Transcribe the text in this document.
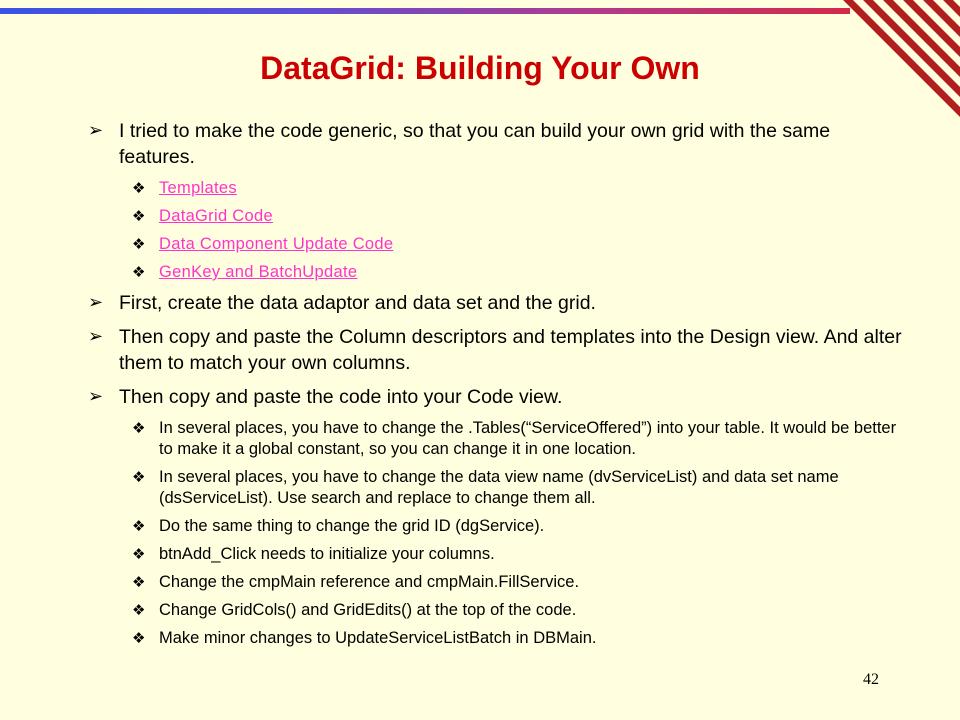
DataGrid: Building Your Own
➢ I tried to make the code generic, so that you can build your own grid with the same features.
❖ Templates
❖ DataGrid Code
❖ Data Component Update Code
❖ GenKey and BatchUpdate
➢ First, create the data adaptor and data set and the grid.
➢ Then copy and paste the Column descriptors and templates into the Design view. And alter them to match your own columns.
➢ Then copy and paste the code into your Code view.
❖ In several places, you have to change the .Tables(“ServiceOffered”) into your table. It would be better to make it a global constant, so you can change it in one location.
❖ In several places, you have to change the data view name (dvServiceList) and data set name (dsServiceList). Use search and replace to change them all.
❖ Do the same thing to change the grid ID (dgService).
❖ btnAdd_Click needs to initialize your columns.
❖ Change the cmpMain reference and cmpMain.FillService.
❖ Change GridCols() and GridEdits() at the top of the code.
❖ Make minor changes to UpdateServiceListBatch in DBMain.
42
